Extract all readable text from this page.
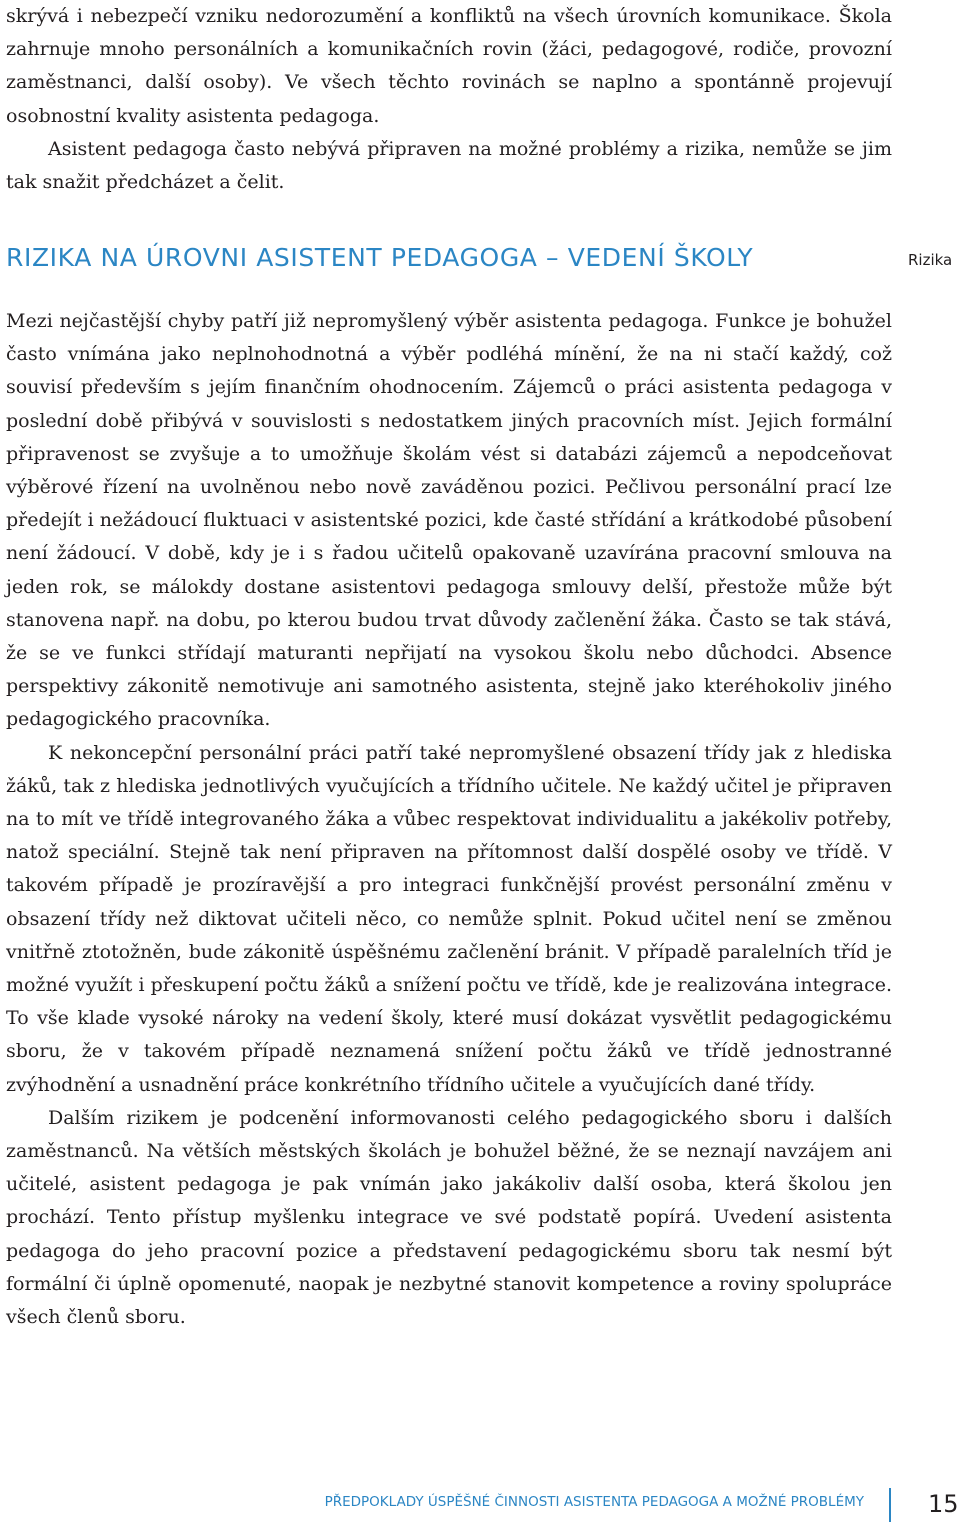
skrývá i nebezpečí vzniku nedorozumění a konfliktů na všech úrovních komunikace. Škola zahrnuje mnoho personálních a komunikačních rovin (žáci, pedagogové, rodiče, provozní zaměstnanci, další osoby). Ve všech těchto rovinách se naplno a spontánně projevují osobnostní kvality asistenta pedagoga.

Asistent pedagoga často nebývá připraven na možné problémy a rizika, nemůže se jim tak snažit předcházet a čelit.

RIZIKA NA ÚROVNI ASISTENT PEDAGOGA – VEDENÍ ŠKOLY	Rizika

Mezi nejčastější chyby patří již nepromyšlený výběr asistenta pedagoga. Funkce je bohužel často vnímána jako neplnohodnotná a výběr podléhá mínění, že na ni stačí každý, což souvisí především s jejím finančním ohodnocením. Zájemců o práci asistenta pedagoga v poslední době přibývá v souvislosti s nedostatkem jiných pracovních míst. Jejich formální připravenost se zvyšuje a to umožňuje školám vést si databázi zájemců a nepodceňovat výběrové řízení na uvolněnou nebo nově zaváděnou pozici. Pečlivou personální prací lze předejít i nežádoucí fluktuaci v asistentské pozici, kde časté střídání a krátkodobé působení není žádoucí. V době, kdy je i s řadou učitelů opakovaně uzavírána pracovní smlouva na jeden rok, se málokdy dostane asistentovi pedagoga smlouvy delší, přestože může být stanovena např. na dobu, po kterou budou trvat důvody začlenění žáka. Často se tak stává, že se ve funkci střídají maturanti nepřijatí na vysokou školu nebo důchodci. Absence perspektivy zákonitě nemotivuje ani samotného asistenta, stejně jako kteréhokoliv jiného pedagogického pracovníka.

K nekoncepční personální práci patří také nepromyšlené obsazení třídy jak z hlediska žáků, tak z hlediska jednotlivých vyučujících a třídního učitele. Ne každý učitel je připraven na to mít ve třídě integrovaného žáka a vůbec respektovat individualitu a jakékoliv potřeby, natož speciální. Stejně tak není připraven na přítomnost další dospělé osoby ve třídě. V takovém případě je prozíravější a pro integraci funkčnější provést personální změnu v obsazení třídy než diktovat učiteli něco, co nemůže splnit. Pokud učitel není se změnou vnitřně ztotožněn, bude zákonitě úspěšnému začlenění bránit. V případě paralelních tříd je možné využít i přeskupení počtu žáků a snížení počtu ve třídě, kde je realizována integrace. To vše klade vysoké nároky na vedení školy, které musí dokázat vysvětlit pedagogickému sboru, že v takovém případě neznamená snížení počtu žáků ve třídě jednostranné zvýhodnění a usnadnění práce konkrétního třídního učitele a vyučujících dané třídy.

Dalším rizikem je podcenění informovanosti celého pedagogického sboru i dalších zaměstnanců. Na větších městských školách je bohužel běžné, že se neznají navzájem ani učitelé, asistent pedagoga je pak vnímán jako jakákoliv další osoba, která školou jen prochází. Tento přístup myšlenku integrace ve své podstatě popírá. Uvedení asistenta pedagoga do jeho pracovní pozice a představení pedagogickému sboru tak nesmí být formální či úplně opomenuté, naopak je nezbytné stanovit kompetence a roviny spolupráce všech členů sboru.

PŘEDPOKLADY ÚSPĚŠNÉ ČINNOSTI ASISTENTA PEDAGOGA A MOŽNÉ PROBLÉMY	15
